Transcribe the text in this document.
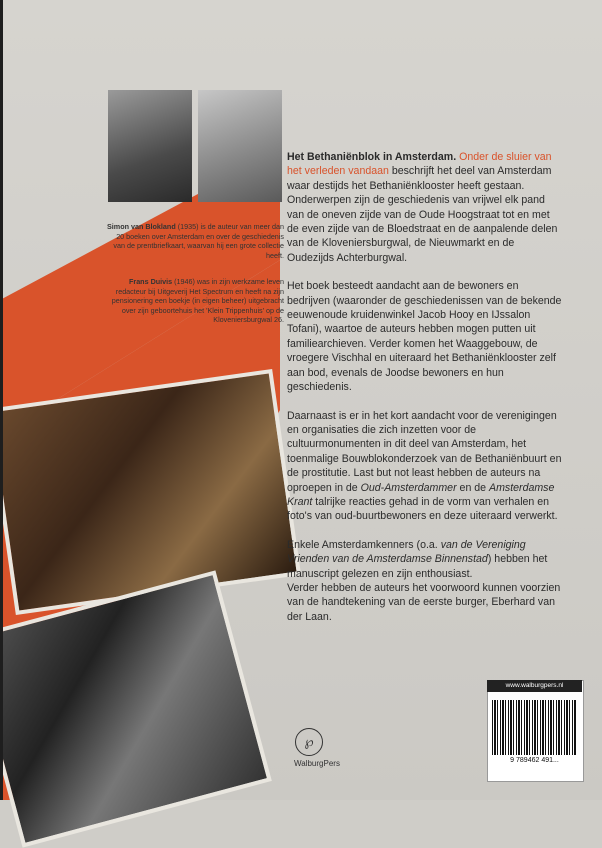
Simon van Blokland (1935) is de auteur van meer dan 20 boeken over Amsterdam en over de geschiedenis van de prentbriefkaart, waarvan hij een grote collectie heeft.
Frans Duivis (1946) was in zijn werkzame leven redacteur bij Uitgeverij Het Spectrum en heeft na zijn pensionering een boekje (in eigen beheer) uitgebracht over zijn geboortehuis het 'Klein Trippenhuis' op de Kloveniersburgwal 26.

Het Bethaniënblok in Amsterdam. Onder de sluier van het verleden vandaan beschrijft het deel van Amsterdam waar destijds het Bethaniënklooster heeft gestaan. Onderwerpen zijn de geschiedenis van vrijwel elk pand van de oneven zijde van de Oude Hoogstraat tot en met de even zijde van de Bloedstraat en de aanpalende delen van de Kloveniersburgwal, de Nieuwmarkt en de Oudezijds Achterburgwal.

Het boek besteedt aandacht aan de bewoners en bedrijven (waaronder de geschiedenissen van de bekende eeuwenoude kruidenwinkel Jacob Hooy en IJssalon Tofani), waartoe de auteurs hebben mogen putten uit familiearchieven. Verder komen het Waaggebouw, de vroegere Vischhal en uiteraard het Bethaniënklooster zelf aan bod, evenals de Joodse bewoners en hun geschiedenis.

Daarnaast is er in het kort aandacht voor de verenigingen en organisaties die zich inzetten voor de cultuurmonumenten in dit deel van Amsterdam, het toenmalige Bouwblokonderzoek van de Bethaniënbuurt en de prostitutie. Last but not least hebben de auteurs na oproepen in de Oud-Amsterdammer en de Amsterdamse Krant talrijke reacties gehad in de vorm van verhalen en foto's van oud-buurtbewoners en deze uiteraard verwerkt.

Enkele Amsterdamkenners (o.a. van de Vereniging Vrienden van de Amsterdamse Binnenstad) hebben het manuscript gelezen en zijn enthousiast.

Verder hebben de auteurs het voorwoord kunnen voorzien van de handtekening van de eerste burger, Eberhard van der Laan.

℘
WalburgPers
www.walburgpers.nl
9 789462 491...
